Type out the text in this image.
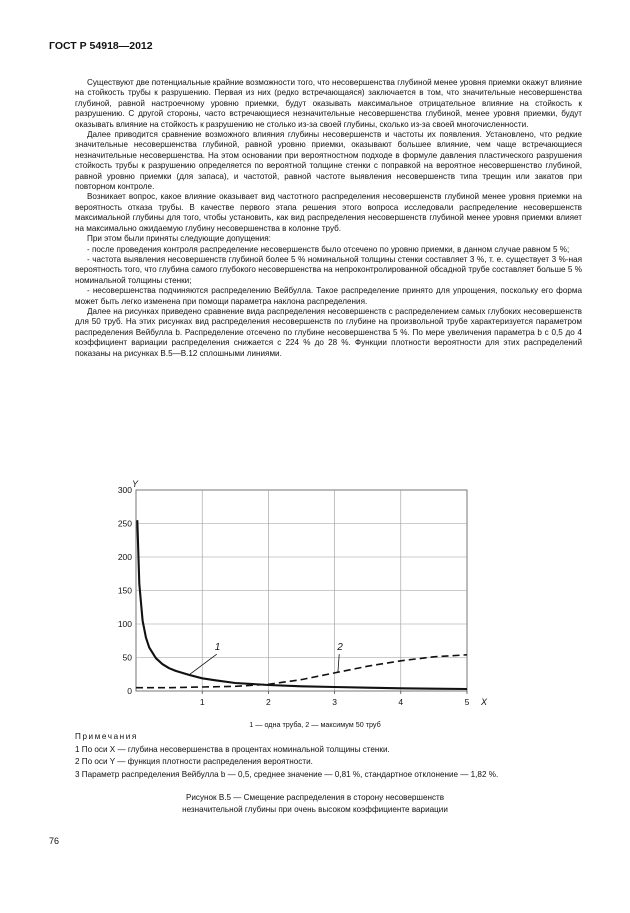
ГОСТ Р 54918—2012

Существуют две потенциальные крайние возможности того, что несовершенства глубиной менее уровня приемки окажут влияние на стойкость трубы к разрушению. Первая из них (редко встречающаяся) заключается в том, что значительные несовершенства глубиной, равной настроечному уровню приемки, будут оказывать максимальное отрицательное влияние на стойкость к разрушению. С другой стороны, часто встречающиеся незначительные несовершенства глубиной, менее уровня приемки, будут оказывать влияние на стойкость к разрушению не столько из-за своей глубины, сколько из-за своей многочисленности.

Далее приводится сравнение возможного влияния глубины несовершенств и частоты их появления. Установлено, что редкие значительные несовершенства глубиной, равной уровню приемки, оказывают большее влияние, чем чаще встречающиеся незначительные несовершенства. На этом основании при вероятностном подходе в формуле давления пластического разрушения стойкость трубы к разрушению определяется по вероятной толщине стенки с поправкой на вероятное несовершенство глубиной, равной уровню приемки (для запаса), и частотой, равной частоте выявления несовершенств типа трещин или закатов при повторном контроле.

Возникает вопрос, какое влияние оказывает вид частотного распределения несовершенств глубиной менее уровня приемки на вероятность отказа трубы. В качестве первого этапа решения этого вопроса исследовали распределение несовершенств максимальной глубины для того, чтобы установить, как вид распределения несовершенств глубиной менее уровня приемки влияет на максимально ожидаемую глубину несовершенства в колонне труб.

При этом были приняты следующие допущения:

- после проведения контроля распределение несовершенств было отсечено по уровню приемки, в данном случае равном 5 %;

- частота выявления несовершенств глубиной более 5 % номинальной толщины стенки составляет 3 %, т. е. существует 3 %-ная вероятность того, что глубина самого глубокого несовершенства на непроконтролированной обсадной трубе составляет больше 5 % номинальной толщины стенки;

- несовершенства подчиняются распределению Вейбулла. Такое распределение принято для упрощения, поскольку его форма может быть легко изменена при помощи параметра наклона распределения.

Далее на рисунках приведено сравнение вида распределения несовершенств с распределением самых глубоких несовершенств для 50 труб. На этих рисунках вид распределения несовершенств по глубине на произвольной трубе характеризуется параметром распределения Вейбулла b. Распределение отсечено по глубине несовершенства 5 %. По мере увеличения параметра b с 0,5 до 4 коэффициент вариации распределения снижается с 224 % до 28 %. Функции плотности вероятности для этих распределений показаны на рисунках В.5—В.12 сплошными линиями.

0
50
100
150
200
250
300
1	2	3	4	5
Y
X
1	2
1 — одна труба, 2 — максимум 50 труб
Примечания
1 По оси X — глубина несовершенства в процентах номинальной толщины стенки.
2 По оси Y — функция плотности распределения вероятности.
3 Параметр распределения Вейбулла b — 0,5, среднее значение — 0,81 %, стандартное отклонение — 1,82 %.
Рисунок В.5 — Смещение распределения в сторону несовершенств
незначительной глубины при очень высоком коэффициенте вариации
76
